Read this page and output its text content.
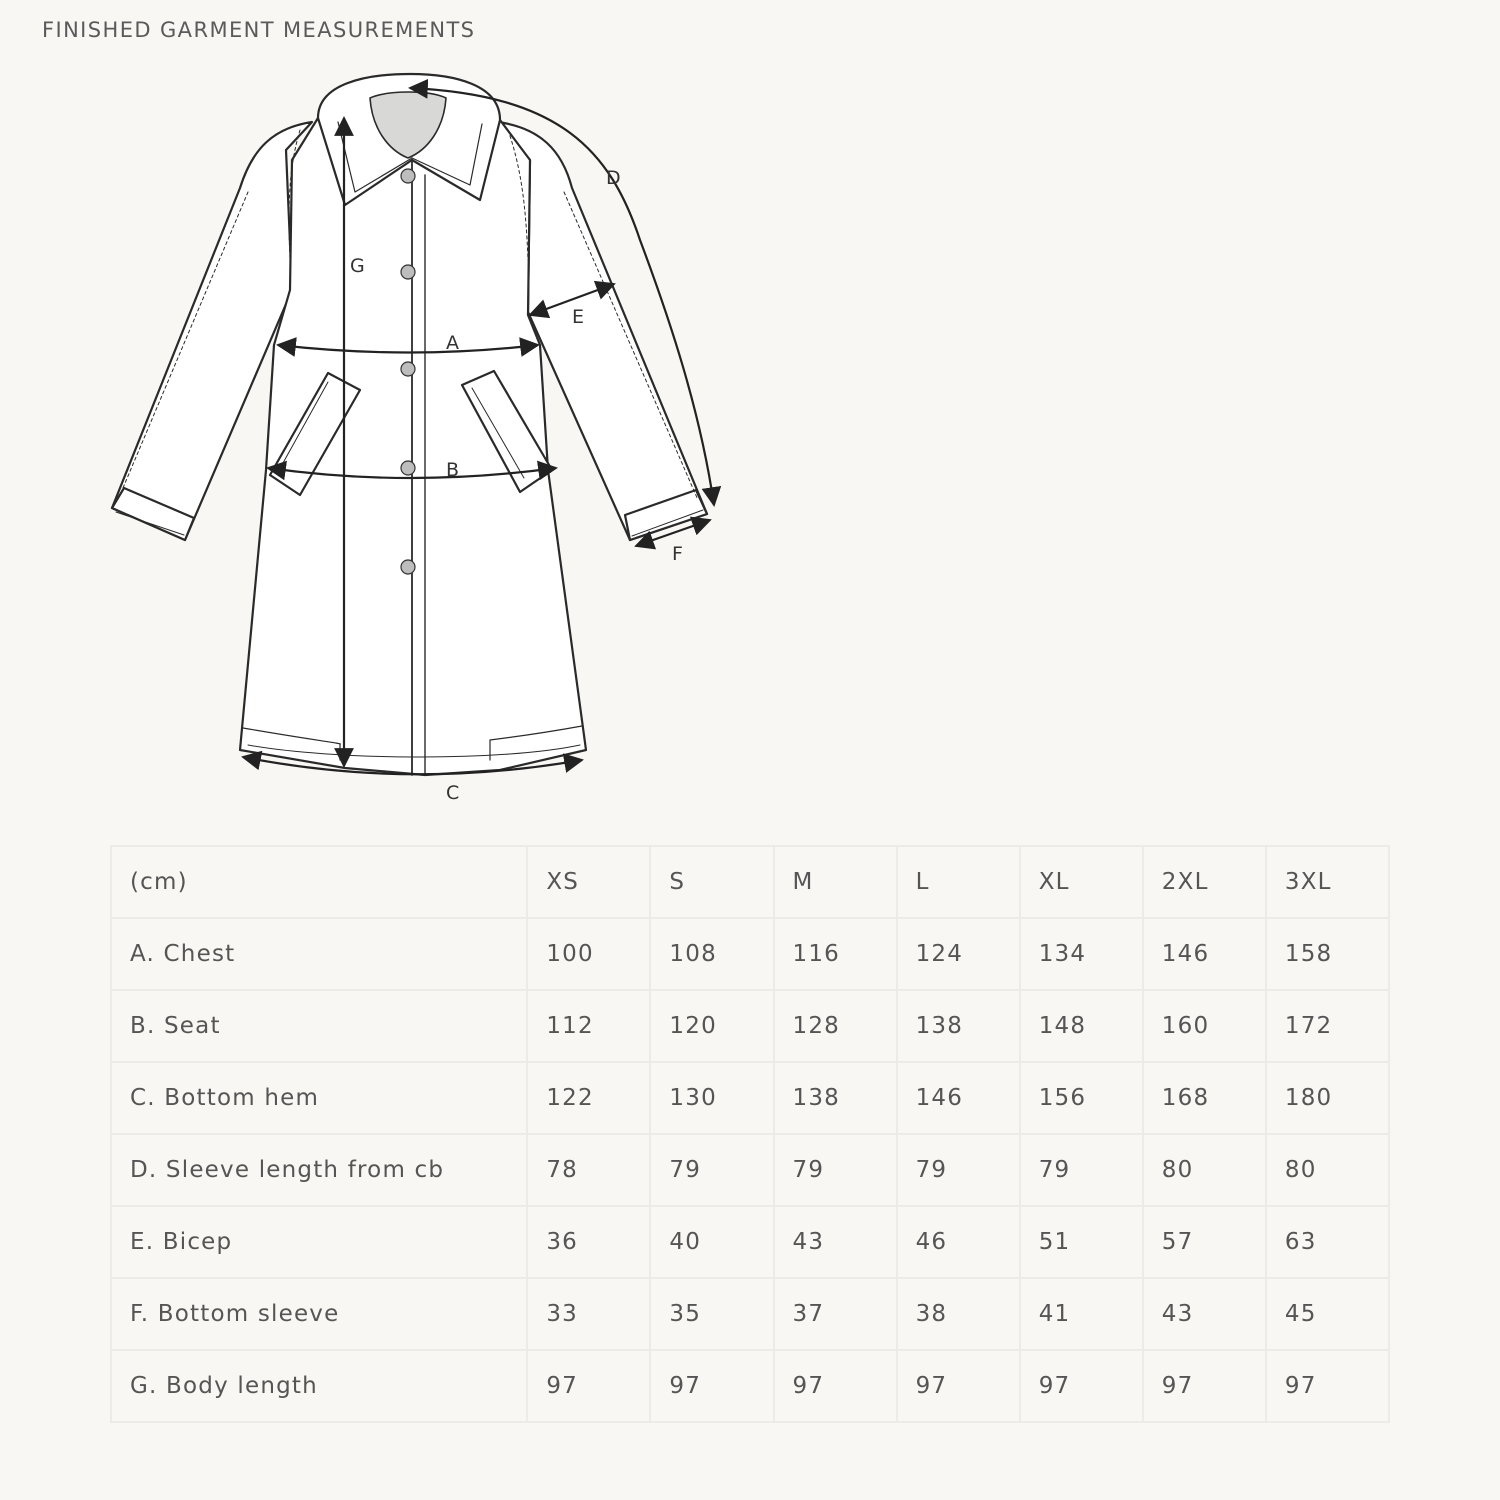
FINISHED GARMENT MEASUREMENTS
A
B
C
D
E
F
G
(cm)	XS	S	M	L	XL	2XL	3XL
A. Chest	100	108	116	124	134	146	158
B. Seat	112	120	128	138	148	160	172
C. Bottom hem	122	130	138	146	156	168	180
D. Sleeve length from cb	78	79	79	79	79	80	80
E. Bicep	36	40	43	46	51	57	63
F. Bottom sleeve	33	35	37	38	41	43	45
G. Body length	97	97	97	97	97	97	97
